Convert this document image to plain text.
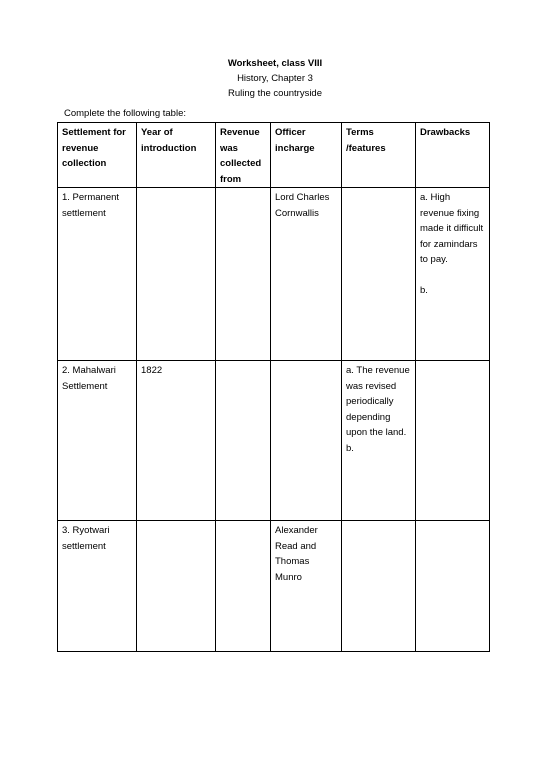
Worksheet, class VIII
History, Chapter 3
Ruling the countryside
Complete the following table:
Settlement for revenue collection	Year of introduction	Revenue was collected from	Officer incharge	Terms /features	Drawbacks
1. Permanent settlement			Lord Charles Cornwallis		a. High revenue fixing made it difficult for zamindars to pay.
b.

2. Mahalwari Settlement	1822			a. The revenue was revised periodically depending upon the land.
b.	

3. Ryotwari settlement			Alexander Read and Thomas Munro		
